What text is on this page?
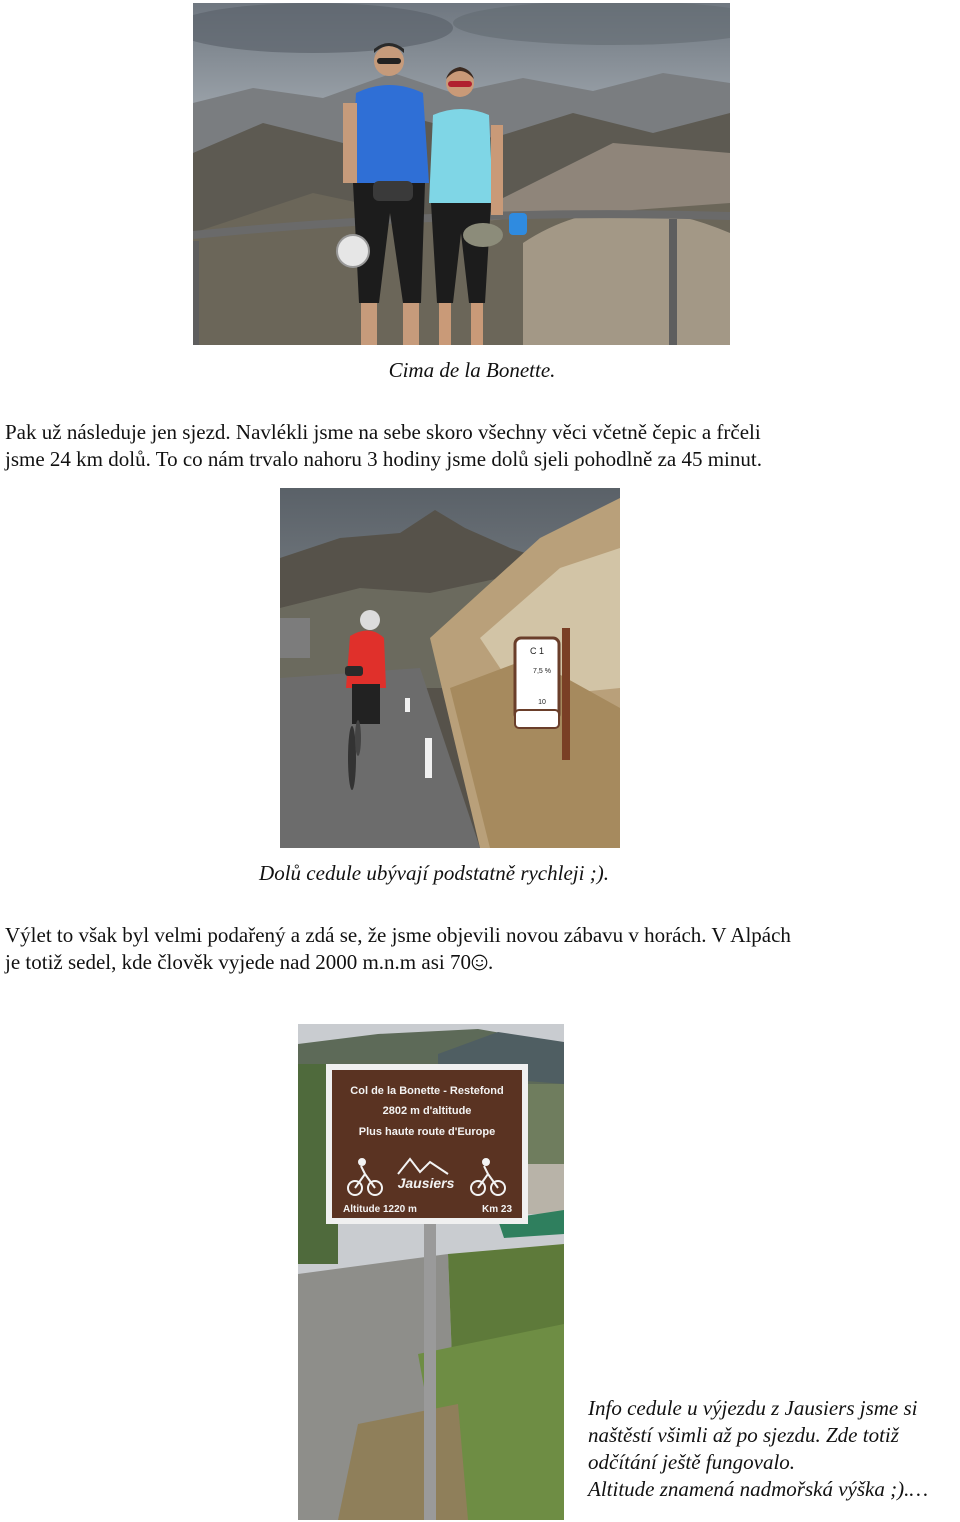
Cima de la Bonette.
Pak už následuje jen sjezd. Navlékli jsme na sebe skoro všechny věci včetně čepic a frčeli
jsme 24 km dolů. To co nám trvalo nahoru 3 hodiny jsme dolů sjeli pohodlně za 45 minut.
C 1
7,5 %
10
Dolů cedule ubývají podstatně rychleji ;).
Výlet to však byl velmi podařený a zdá se, že jsme objevili novou zábavu v horách. V Alpách
je totiž sedel, kde člověk vyjede nad 2000 m.n.m asi 70 .
Col de la Bonette - Restefond
2802 m d'altitude
Plus haute route d'Europe
Jausiers
Altitude 1220 m	Km 23
Info cedule u výjezdu z Jausiers jsme si
naštěstí všimli až po sjezdu. Zde totiž
odčítání ještě fungovalo.
Altitude znamená nadmořská výška ;).…
